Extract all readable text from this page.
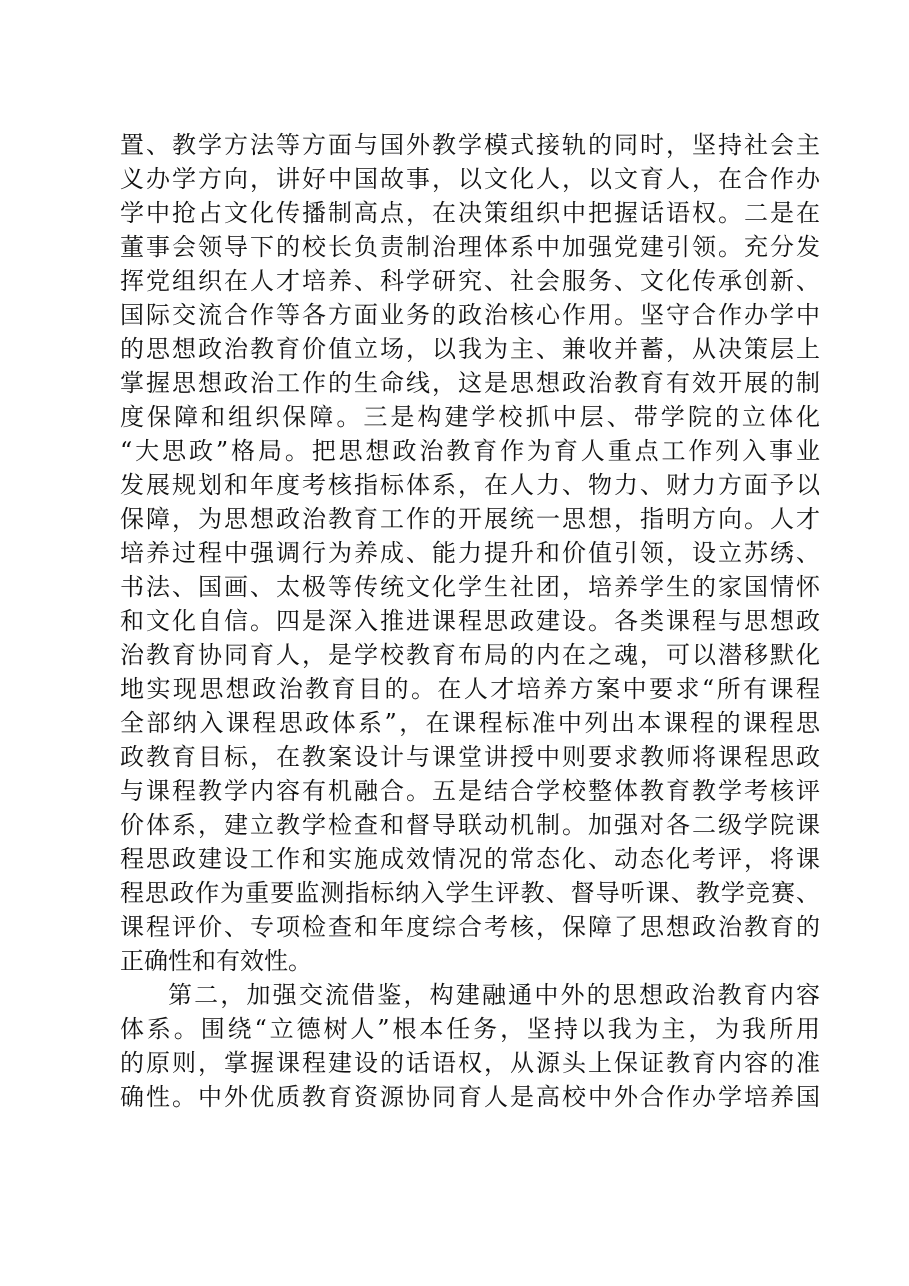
置、教学方法等方面与国外教学模式接轨的同时，坚持社会主
义办学方向，讲好中国故事，以文化人，以文育人，在合作办
学中抢占文化传播制高点，在决策组织中把握话语权。二是在
董事会领导下的校长负责制治理体系中加强党建引领。充分发
挥党组织在人才培养、科学研究、社会服务、文化传承创新、
国际交流合作等各方面业务的政治核心作用。坚守合作办学中
的思想政治教育价值立场，以我为主、兼收并蓄，从决策层上
掌握思想政治工作的生命线，这是思想政治教育有效开展的制
度保障和组织保障。三是构建学校抓中层、带学院的立体化
“大思政”格局。把思想政治教育作为育人重点工作列入事业
发展规划和年度考核指标体系，在人力、物力、财力方面予以
保障，为思想政治教育工作的开展统一思想，指明方向。人才
培养过程中强调行为养成、能力提升和价值引领，设立苏绣、
书法、国画、太极等传统文化学生社团，培养学生的家国情怀
和文化自信。四是深入推进课程思政建设。各类课程与思想政
治教育协同育人，是学校教育布局的内在之魂，可以潜移默化
地实现思想政治教育目的。在人才培养方案中要求“所有课程
全部纳入课程思政体系”，在课程标准中列出本课程的课程思
政教育目标，在教案设计与课堂讲授中则要求教师将课程思政
与课程教学内容有机融合。五是结合学校整体教育教学考核评
价体系，建立教学检查和督导联动机制。加强对各二级学院课
程思政建设工作和实施成效情况的常态化、动态化考评，将课
程思政作为重要监测指标纳入学生评教、督导听课、教学竞赛、
课程评价、专项检查和年度综合考核，保障了思想政治教育的
正确性和有效性。
第二，加强交流借鉴，构建融通中外的思想政治教育内容
体系。围绕“立德树人”根本任务，坚持以我为主，为我所用
的原则，掌握课程建设的话语权，从源头上保证教育内容的准
确性。中外优质教育资源协同育人是高校中外合作办学培养国
